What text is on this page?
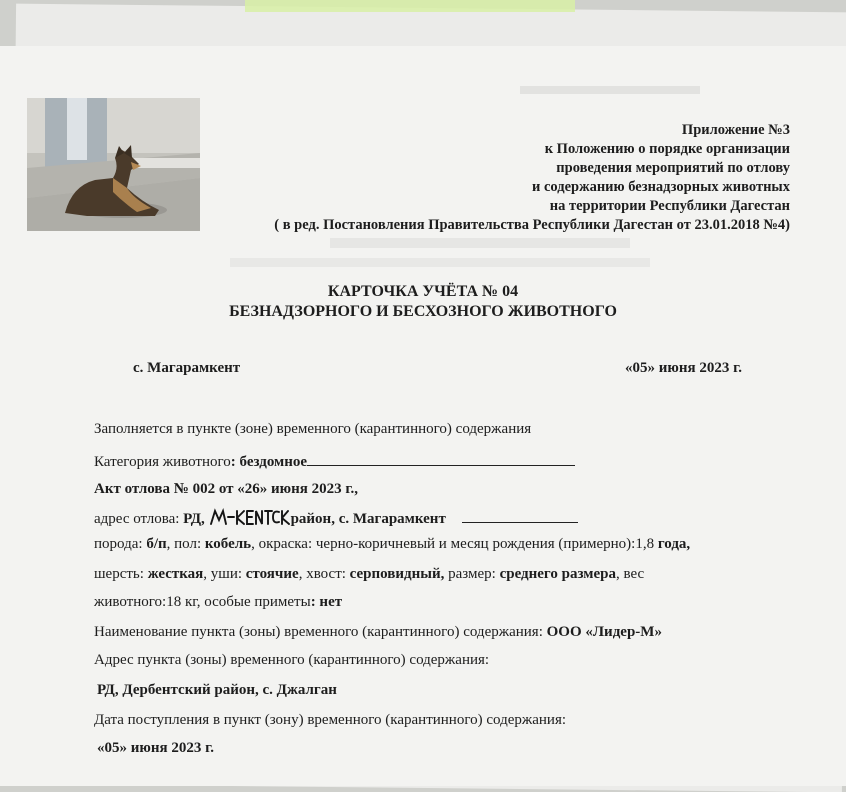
Приложение №3
к Положению о порядке организации
проведения мероприятий по отлову
и содержанию безнадзорных животных
на территории Республики Дагестан
( в ред. Постановления Правительства Республики Дагестан от 23.01.2018 №4)
КАРТОЧКА УЧЁТА № 04
БЕЗНАДЗОРНОГО И БЕСХОЗНОГО ЖИВОТНОГО
с. Магарамкент	«05» июня 2023 г.
Заполняется в пункте (зоне) временного (карантинного) содержания
Категория животного: бездомное
Акт отлова № 002 от «26» июня 2023 г.,
адрес отлова: РД,	район, с. Магарамкент
порода: б/п, пол: кобель, окраска: черно-коричневый и месяц рождения (примерно):1,8 года,
шерсть: жесткая, уши: стоячие, хвост: серповидный, размер: среднего размера, вес
животного:18 кг, особые приметы: нет
Наименование пункта (зоны) временного (карантинного) содержания: ООО «Лидер-М»
Адрес пункта (зоны) временного (карантинного) содержания:
РД, Дербентский район, с. Джалган
Дата поступления в пункт (зону) временного (карантинного) содержания:
«05» июня 2023 г.
